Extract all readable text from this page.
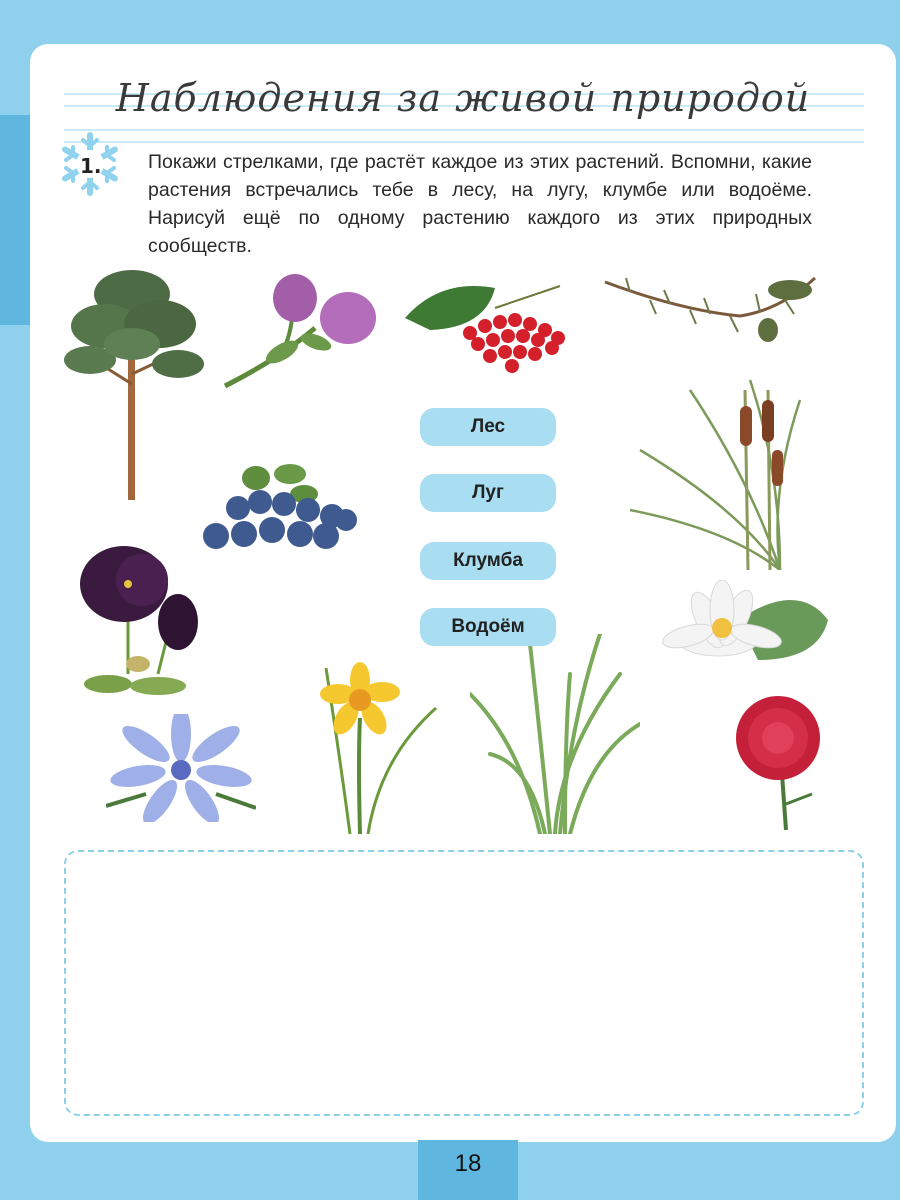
Наблюдения за живой природой
1. Покажи стрелками, где растёт каждое из этих растений. Вспомни, какие растения встречались тебе в лесу, на лугу, клумбе или водоёме. Нарисуй ещё по одному растению каждого из этих природных сообществ.
Лес
Луг
Клумба
Водоём
18
